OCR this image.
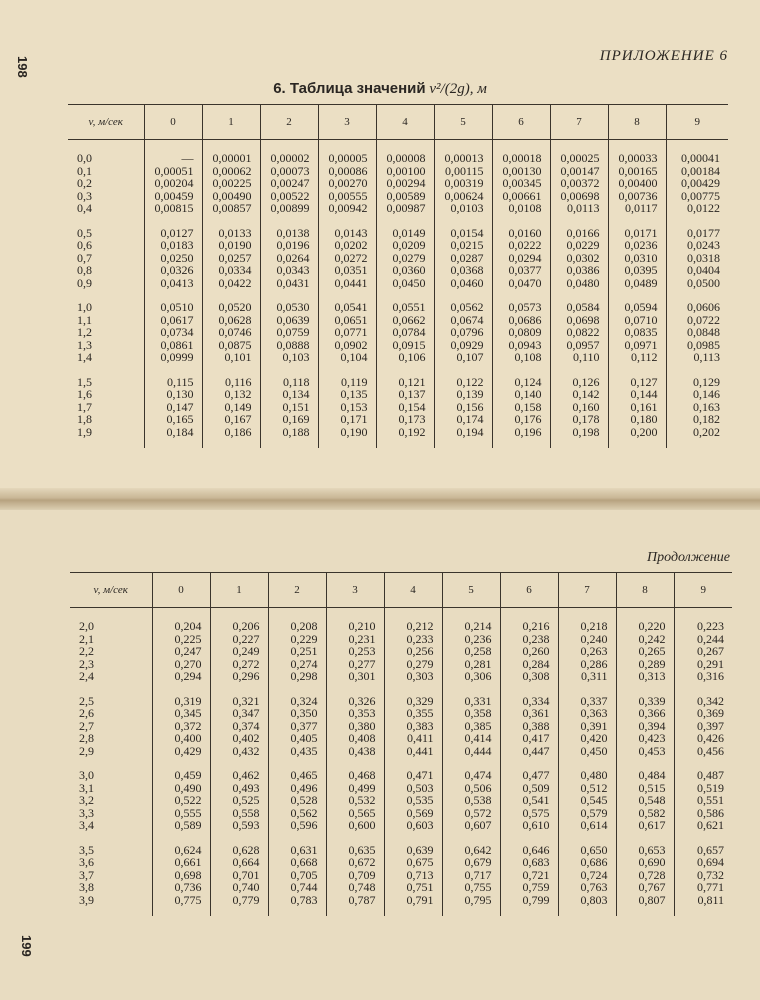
198	ПРИЛОЖЕНИЕ 6
6. Таблица значений v²/(2g), м
v, м/сек	0	1	2	3	4	5	6	7	8	9

0,0	—	0,00001	0,00002	0,00005	0,00008	0,00013	0,00018	0,00025	0,00033	0,00041
0,1	0,00051	0,00062	0,00073	0,00086	0,00100	0,00115	0,00130	0,00147	0,00165	0,00184
0,2	0,00204	0,00225	0,00247	0,00270	0,00294	0,00319	0,00345	0,00372	0,00400	0,00429
0,3	0,00459	0,00490	0,00522	0,00555	0,00589	0,00624	0,00661	0,00698	0,00736	0,00775
0,4	0,00815	0,00857	0,00899	0,00942	0,00987	0,0103	0,0108	0,0113	0,0117	0,0122

0,5	0,0127	0,0133	0,0138	0,0143	0,0149	0,0154	0,0160	0,0166	0,0171	0,0177
0,6	0,0183	0,0190	0,0196	0,0202	0,0209	0,0215	0,0222	0,0229	0,0236	0,0243
0,7	0,0250	0,0257	0,0264	0,0272	0,0279	0,0287	0,0294	0,0302	0,0310	0,0318
0,8	0,0326	0,0334	0,0343	0,0351	0,0360	0,0368	0,0377	0,0386	0,0395	0,0404
0,9	0,0413	0,0422	0,0431	0,0441	0,0450	0,0460	0,0470	0,0480	0,0489	0,0500

1,0	0,0510	0,0520	0,0530	0,0541	0,0551	0,0562	0,0573	0,0584	0,0594	0,0606
1,1	0,0617	0,0628	0,0639	0,0651	0,0662	0,0674	0,0686	0,0698	0,0710	0,0722
1,2	0,0734	0,0746	0,0759	0,0771	0,0784	0,0796	0,0809	0,0822	0,0835	0,0848
1,3	0,0861	0,0875	0,0888	0,0902	0,0915	0,0929	0,0943	0,0957	0,0971	0,0985
1,4	0,0999	0,101	0,103	0,104	0,106	0,107	0,108	0,110	0,112	0,113

1,5	0,115	0,116	0,118	0,119	0,121	0,122	0,124	0,126	0,127	0,129
1,6	0,130	0,132	0,134	0,135	0,137	0,139	0,140	0,142	0,144	0,146
1,7	0,147	0,149	0,151	0,153	0,154	0,156	0,158	0,160	0,161	0,163
1,8	0,165	0,167	0,169	0,171	0,173	0,174	0,176	0,178	0,180	0,182
1,9	0,184	0,186	0,188	0,190	0,192	0,194	0,196	0,198	0,200	0,202

Продолжение
v, м/сек	0	1	2	3	4	5	6	7	8	9

2,0	0,204	0,206	0,208	0,210	0,212	0,214	0,216	0,218	0,220	0,223
2,1	0,225	0,227	0,229	0,231	0,233	0,236	0,238	0,240	0,242	0,244
2,2	0,247	0,249	0,251	0,253	0,256	0,258	0,260	0,263	0,265	0,267
2,3	0,270	0,272	0,274	0,277	0,279	0,281	0,284	0,286	0,289	0,291
2,4	0,294	0,296	0,298	0,301	0,303	0,306	0,308	0,311	0,313	0,316

2,5	0,319	0,321	0,324	0,326	0,329	0,331	0,334	0,337	0,339	0,342
2,6	0,345	0,347	0,350	0,353	0,355	0,358	0,361	0,363	0,366	0,369
2,7	0,372	0,374	0,377	0,380	0,383	0,385	0,388	0,391	0,394	0,397
2,8	0,400	0,402	0,405	0,408	0,411	0,414	0,417	0,420	0,423	0,426
2,9	0,429	0,432	0,435	0,438	0,441	0,444	0,447	0,450	0,453	0,456

3,0	0,459	0,462	0,465	0,468	0,471	0,474	0,477	0,480	0,484	0,487
3,1	0,490	0,493	0,496	0,499	0,503	0,506	0,509	0,512	0,515	0,519
3,2	0,522	0,525	0,528	0,532	0,535	0,538	0,541	0,545	0,548	0,551
3,3	0,555	0,558	0,562	0,565	0,569	0,572	0,575	0,579	0,582	0,586
3,4	0,589	0,593	0,596	0,600	0,603	0,607	0,610	0,614	0,617	0,621

3,5	0,624	0,628	0,631	0,635	0,639	0,642	0,646	0,650	0,653	0,657
3,6	0,661	0,664	0,668	0,672	0,675	0,679	0,683	0,686	0,690	0,694
3,7	0,698	0,701	0,705	0,709	0,713	0,717	0,721	0,724	0,728	0,732
3,8	0,736	0,740	0,744	0,748	0,751	0,755	0,759	0,763	0,767	0,771
3,9	0,775	0,779	0,783	0,787	0,791	0,795	0,799	0,803	0,807	0,811

199
